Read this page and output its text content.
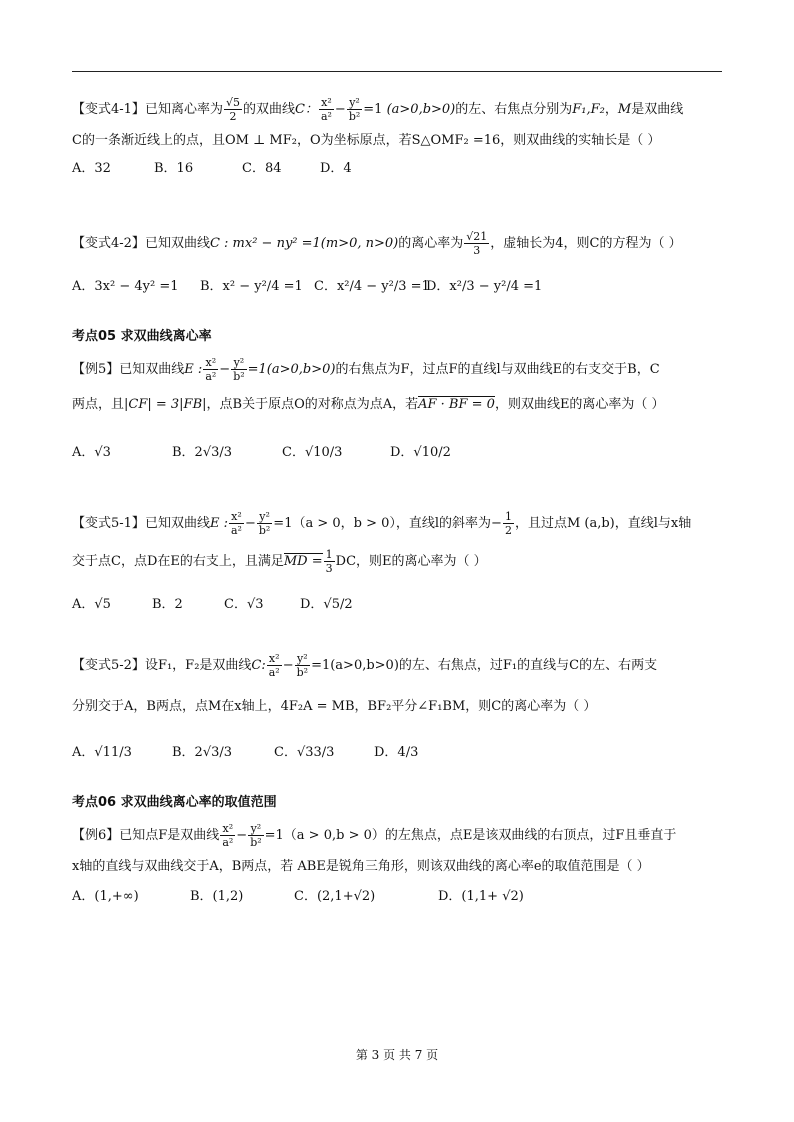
【变式4-1】已知离心率为 $\frac{√5}{2}$ 的双曲线C： $\frac{\text{x²}}{\text{a²}} - \frac{\text{y²}}{\text{b²}} =1$ (a>0,b>0)的左、右焦点分别为F₁,F₂，M是双曲线
C的一条渐近线上的点，且OM ⊥ MF₂，O为坐标原点，若S△OMF₂ =16，则双曲线的实轴长是（ ）
A．32	B．16	C．84	D．4
【变式4-2】已知双曲线C : mx² − ny² =1(m>0, n>0)的离心率为 $\frac{√21}{3}$ ，虚轴长为4，则C的方程为（ ）
A．3x² − 4y² =1 B．x² − y²/4 =1 C．x²/4 − y²/3 =1D．x²/3 − y²/4 =1
考点05 求双曲线离心率
【例5】已知双曲线E : $\frac{\text{x²}}{\text{a²}} - \frac{\text{y²}}{\text{b²}} =1(a>0,b>0)$的右焦点为F，过点F的直线l与双曲线E的右支交于B，C
两点，且|CF| = 3|FB|，点B关于原点O的对称点为点A，若AF · BF = 0，则双曲线E的离心率为（ ）
A．√3	B．2√3/3	C．√10/3	D．√10/2
【变式5-1】已知双曲线E : $\frac{\text{x²}}{\text{a²}} - \frac{\text{y²}}{\text{b²}} =1(a > 0$，b > 0），直线l的斜率为− $\frac{1}{2}$ ，且过点M (a,b)，直线l与x轴
交于点C，点D在E的右支上，且满足MD = $\frac{1}{3}$ DC，则E的离心率为（ ）
A．√5	B．2	C．√3	D．√5/2
【变式5-2】设F₁，F₂是双曲线C: $\frac{\text{x²}}{\text{a²}} - \frac{\text{y²}}{\text{b²}} =1(a>0,b>0)$的左、右焦点，过F₁的直线与C的左、右两支
分别交于A，B两点，点M在x轴上，4F₂A = MB，BF₂平分∠F₁BM，则C的离心率为（ ）
A．√11/3	B．2√3/3	C．√33/3	D．4/3
考点06 求双曲线离心率的取值范围
【例6】已知点F是双曲线 $\frac{\text{x²}}{\text{a²}} - \frac{\text{y²}}{\text{b²}} =1(a > 0,b > 0)$的左焦点，点E是该双曲线的右顶点，过F且垂直于
x轴的直线与双曲线交于A，B两点，若 ABE是锐角三角形，则该双曲线的离心率e的取值范围是（ ）
A．(1,+∞)	B．(1,2)	C．(2,1+√2)	D．(1,1+ √2)
第 3 页 共 7 页
